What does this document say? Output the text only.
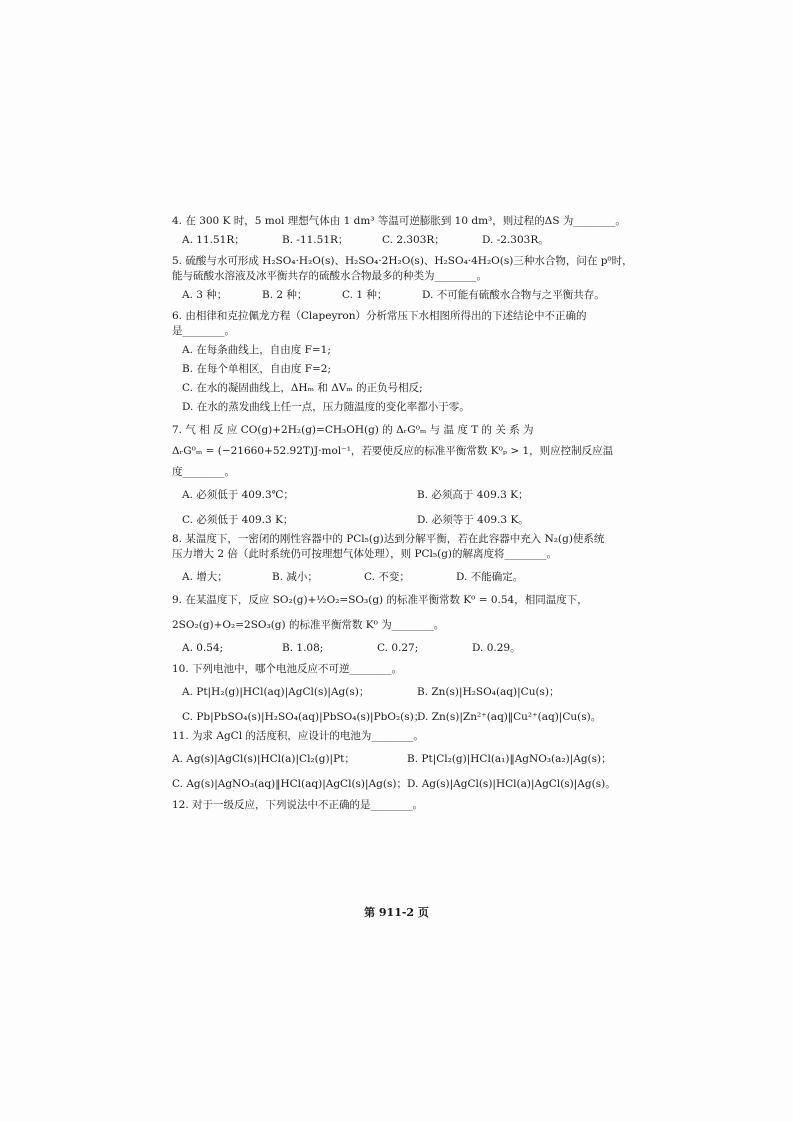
4. 在 300 K 时，5 mol 理想气体由 1 dm³ 等温可逆膨胀到 10 dm³，则过程的ΔS 为________。
A. 11.51R；	B. -11.51R；	C. 2.303R；	D. -2.303R。
5. 硫酸与水可形成 H₂SO₄·H₂O(s)、H₂SO₄·2H₂O(s)、H₂SO₄·4H₂O(s)三种水合物，问在 p⁰时，
能与硫酸水溶液及冰平衡共存的硫酸水合物最多的种类为________。
A. 3 种；	B. 2 种；	C. 1 种；	D. 不可能有硫酸水合物与之平衡共存。
6. 由相律和克拉佩龙方程（Clapeyron）分析常压下水相图所得出的下述结论中不正确的
是________。
A. 在每条曲线上，自由度 F=1;
B. 在每个单相区，自由度 F=2;
C. 在水的凝固曲线上，ΔHₘ 和 ΔVₘ 的正负号相反;
D. 在水的蒸发曲线上任一点，压力随温度的变化率都小于零。
7. 气 相 反 应 CO(g)+2H₂(g)=CH₃OH(g) 的 ΔᵣG⁰ₘ 与 温 度 T 的 关 系 为
ΔᵣG⁰ₘ = (−21660+52.92T)J·mol⁻¹，若要使反应的标准平衡常数 K⁰ₚ > 1，则应控制反应温
度________。
A. 必须低于 409.3℃；	B. 必须高于 409.3 K；
C. 必须低于 409.3 K；	D. 必须等于 409.3 K。
8. 某温度下，一密闭的刚性容器中的 PCl₅(g)达到分解平衡，若在此容器中充入 N₂(g)使系统
压力增大 2 倍（此时系统仍可按理想气体处理），则 PCl₅(g)的解离度将________。
A. 增大；	B. 减小；	C. 不变；	D. 不能确定。
9. 在某温度下，反应 SO₂(g)+½O₂=SO₃(g) 的标准平衡常数 K⁰ = 0.54，相同温度下，
2SO₂(g)+O₂=2SO₃(g) 的标准平衡常数 K⁰ 为________。
A. 0.54;	B. 1.08;	C. 0.27;	D. 0.29。
10. 下列电池中，哪个电池反应不可逆________。
A. Pt|H₂(g)|HCl(aq)|AgCl(s)|Ag(s)；	B. Zn(s)|H₂SO₄(aq)|Cu(s)；
C. Pb|PbSO₄(s)|H₂SO₄(aq)|PbSO₄(s)|PbO₂(s)；
D. Zn(s)|Zn²⁺(aq)‖Cu²⁺(aq)|Cu(s)。
11. 为求 AgCl 的活度积，应设计的电池为________。
A. Ag(s)|AgCl(s)|HCl(a)|Cl₂(g)|Pt；	B. Pt|Cl₂(g)|HCl(a₁)‖AgNO₃(a₂)|Ag(s)；
C. Ag(s)|AgNO₃(aq)‖HCl(aq)|AgCl(s)|Ag(s)； D. Ag(s)|AgCl(s)|HCl(a)|AgCl(s)|Ag(s)。
12. 对于一级反应，下列说法中不正确的是________。
第 911-2 页
